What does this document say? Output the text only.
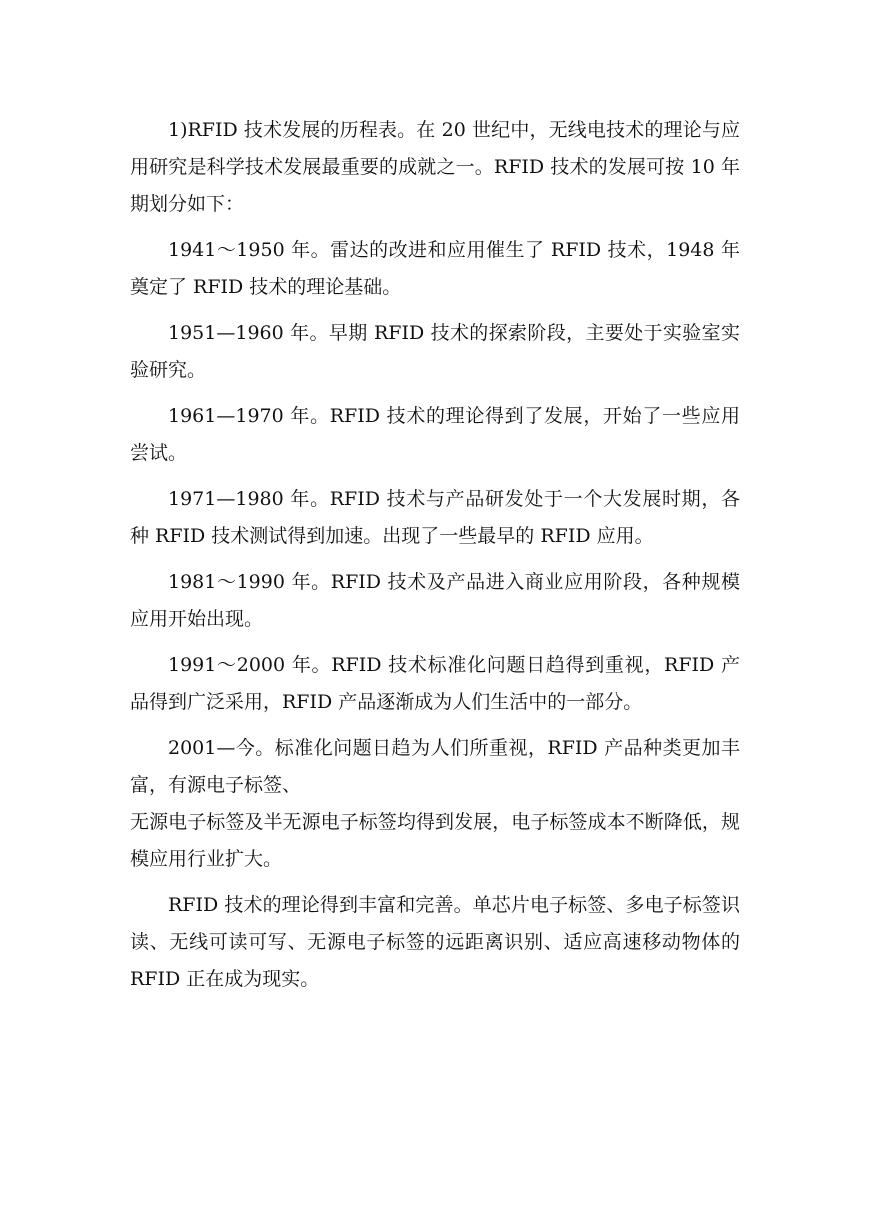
1)RFID 技术发展的历程表。在 20 世纪中，无线电技术的理论与应用研究是科学技术发展最重要的成就之一。RFID 技术的发展可按 10 年期划分如下：

1941～1950 年。雷达的改进和应用催生了 RFID 技术，1948 年奠定了 RFID 技术的理论基础。

1951—1960 年。早期 RFID 技术的探索阶段，主要处于实验室实验研究。

1961—1970 年。RFID 技术的理论得到了发展，开始了一些应用尝试。

1971—1980 年。RFID 技术与产品研发处于一个大发展时期，各种 RFID 技术测试得到加速。出现了一些最早的 RFID 应用。

1981～1990 年。RFID 技术及产品进入商业应用阶段，各种规模应用开始出现。

1991～2000 年。RFID 技术标准化问题日趋得到重视，RFID 产品得到广泛采用，RFID 产品逐渐成为人们生活中的一部分。

2001—今。标准化问题日趋为人们所重视，RFID 产品种类更加丰富，有源电子标签、

无源电子标签及半无源电子标签均得到发展，电子标签成本不断降低，规模应用行业扩大。

RFID 技术的理论得到丰富和完善。单芯片电子标签、多电子标签识读、无线可读可写、无源电子标签的远距离识别、适应高速移动物体的 RFID 正在成为现实。
